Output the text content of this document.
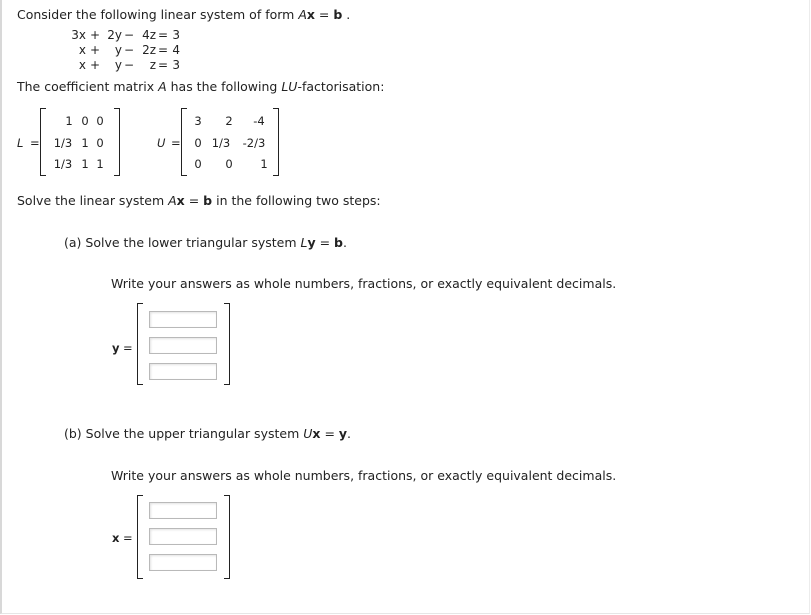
Consider the following linear system of form Ax = b .
3x + 2y − 4z = 3
x +	y − 2z = 4
x +	y −	z = 3
The coefficient matrix A has the following LU-factorisation:
L =
1 0 0
1/3 1 0
1/3 1 1
U =
3	2	-4
0 1/3	-2/3
0 0 1
Solve the linear system Ax = b in the following two steps:
(a) Solve the lower triangular system Ly = b.
Write your answers as whole numbers, fractions, or exactly equivalent decimals.
y =
(b) Solve the upper triangular system Ux = y.
Write your answers as whole numbers, fractions, or exactly equivalent decimals.
x =
